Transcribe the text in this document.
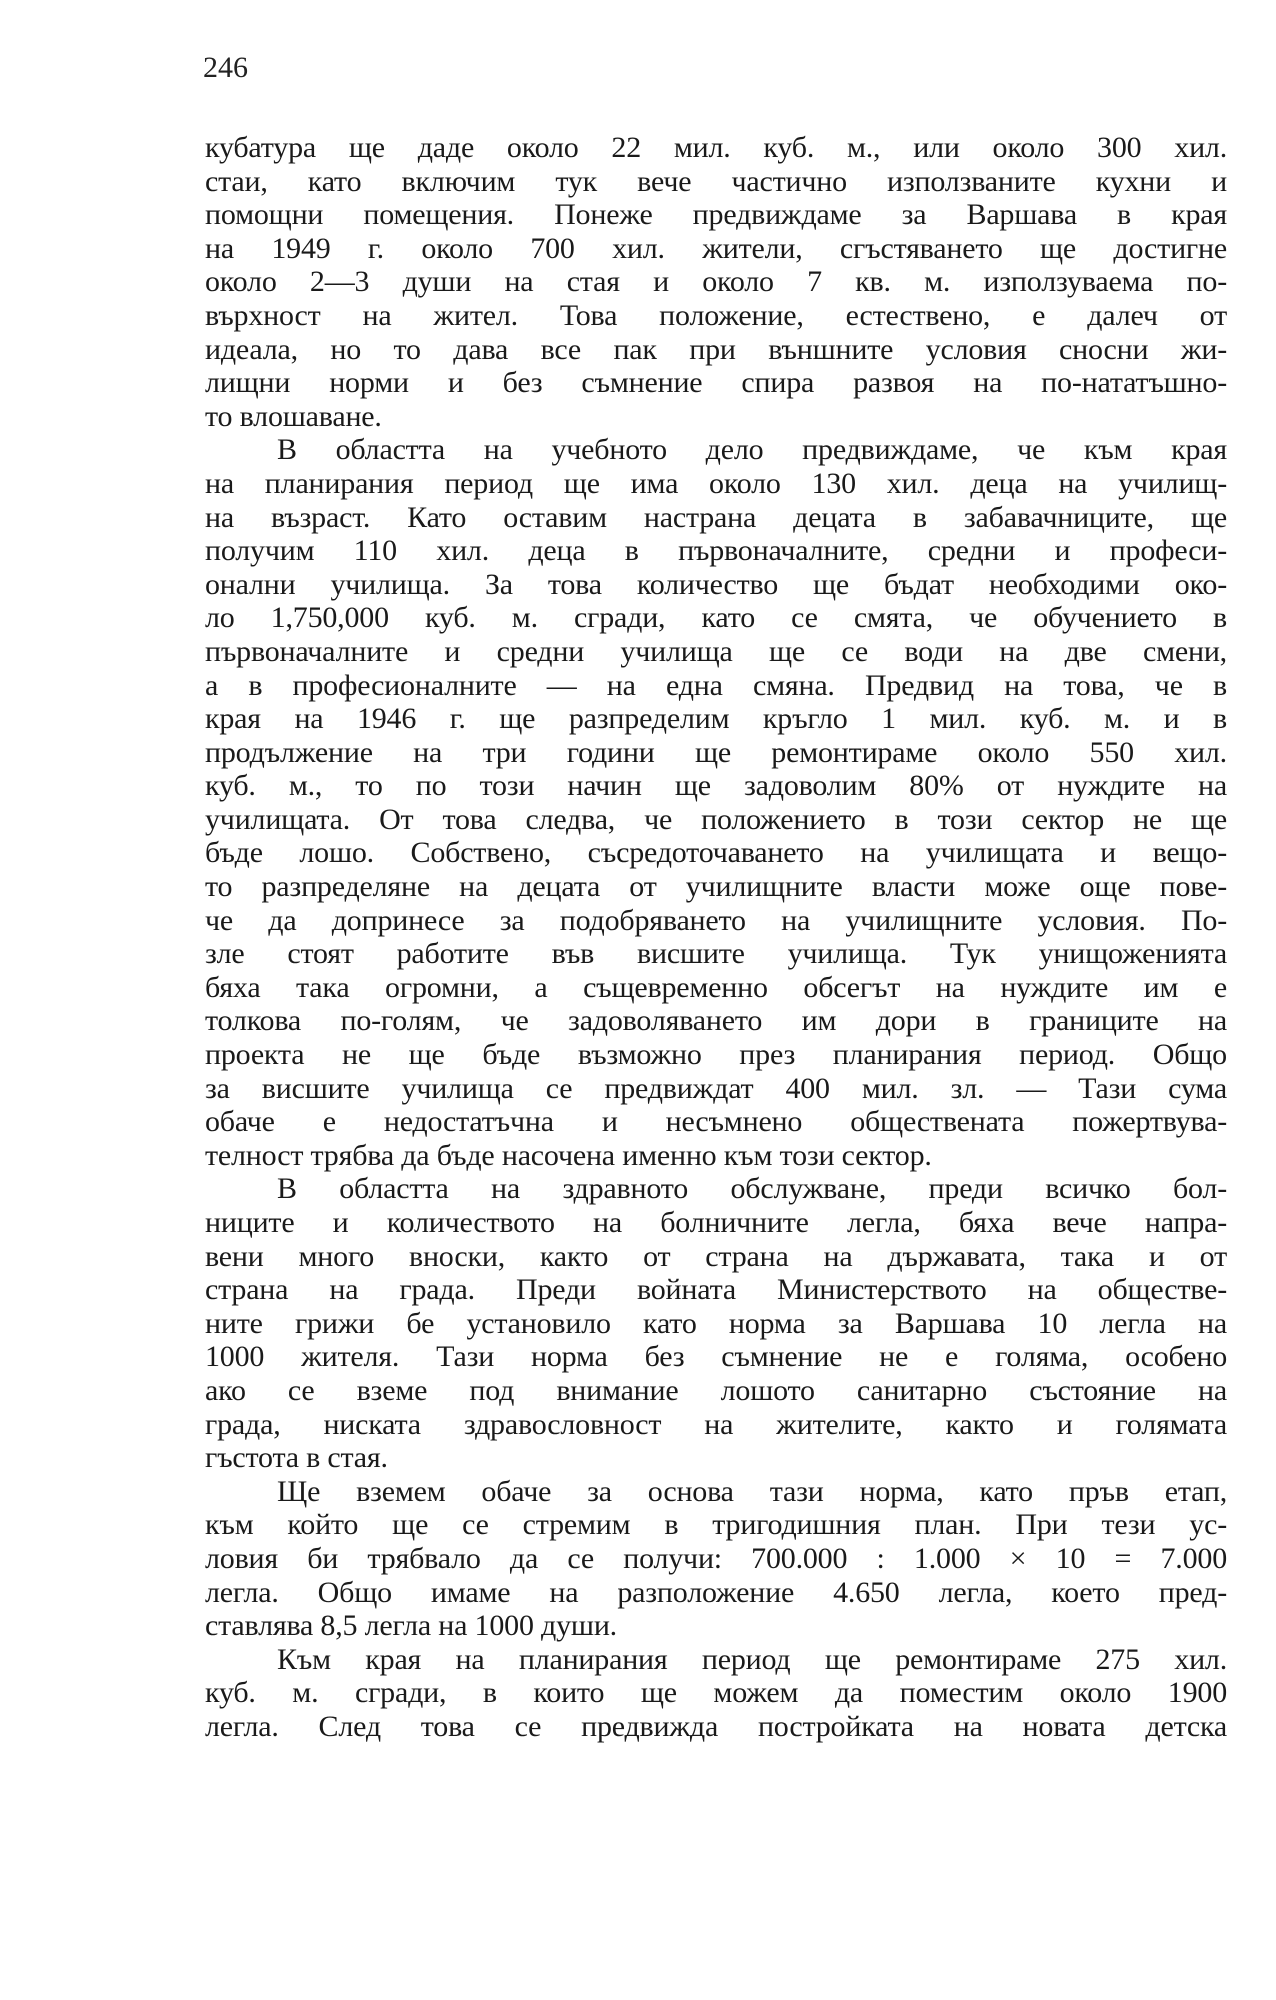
246
кубатура ще даде около 22 мил. куб. м., или около 300 хил.
стаи, като включим тук вече частично използваните кухни и
помощни помещения. Понеже предвиждаме за Варшава в края
на 1949 г. около 700 хил. жители, сгъстяването ще достигне
около 2—3 души на стая и около 7 кв. м. използуваема по-
върхност на жител. Това положение, естествено, е далеч от
идеала, но то дава все пак при външните условия сносни жи-
лищни норми и без съмнение спира развоя на по-нататъшно-
то влошаване.
В областта на учебното дело предвиждаме, че към края
на планирания период ще има около 130 хил. деца на училищ-
на възраст. Като оставим настрана децата в забавачниците, ще
получим 110 хил. деца в първоначалните, средни и професи-
онални училища. За това количество ще бъдат необходими око-
ло 1,750,000 куб. м. сгради, като се смята, че обучението в
първоначалните и средни училища ще се води на две смени,
а в професионалните — на една смяна. Предвид на това, че в
края на 1946 г. ще разпределим кръгло 1 мил. куб. м. и в
продължение на три години ще ремонтираме около 550 хил.
куб. м., то по този начин ще задоволим 80% от нуждите на
училищата. От това следва, че положението в този сектор не ще
бъде лошо. Собствено, съсредоточаването на училищата и вещо-
то разпределяне на децата от училищните власти може още пове-
че да допринесе за подобряването на училищните условия. По-
зле стоят работите във висшите училища. Тук унищоженията
бяха така огромни, а същевременно обсегът на нуждите им е
толкова по-голям, че задоволяването им дори в границите на
проекта не ще бъде възможно през планирания период. Общо
за висшите училища се предвиждат 400 мил. зл. — Тази сума
обаче е недостатъчна и несъмнено обществената пожертвува-
телност трябва да бъде насочена именно към този сектор.
В областта на здравното обслужване, преди всичко бол-
ниците и количеството на болничните легла, бяха вече напра-
вени много вноски, както от страна на държавата, така и от
страна на града. Преди войната Министерството на обществе-
ните грижи бе установило като норма за Варшава 10 легла на
1000 жителя. Тази норма без съмнение не е голяма, особено
ако се вземе под внимание лошото санитарно състояние на
града, ниската здравословност на жителите, както и голямата
гъстота в стая.
Ще вземем обаче за основа тази норма, като пръв етап,
към който ще се стремим в тригодишния план. При тези ус-
ловия би трябвало да се получи: 700.000 : 1.000 × 10 = 7.000
легла. Общо имаме на разположение 4.650 легла, което пред-
ставлява 8,5 легла на 1000 души.
Към края на планирания период ще ремонтираме 275 хил.
куб. м. сгради, в които ще можем да поместим около 1900
легла. След това се предвижда постройката на новата детска
